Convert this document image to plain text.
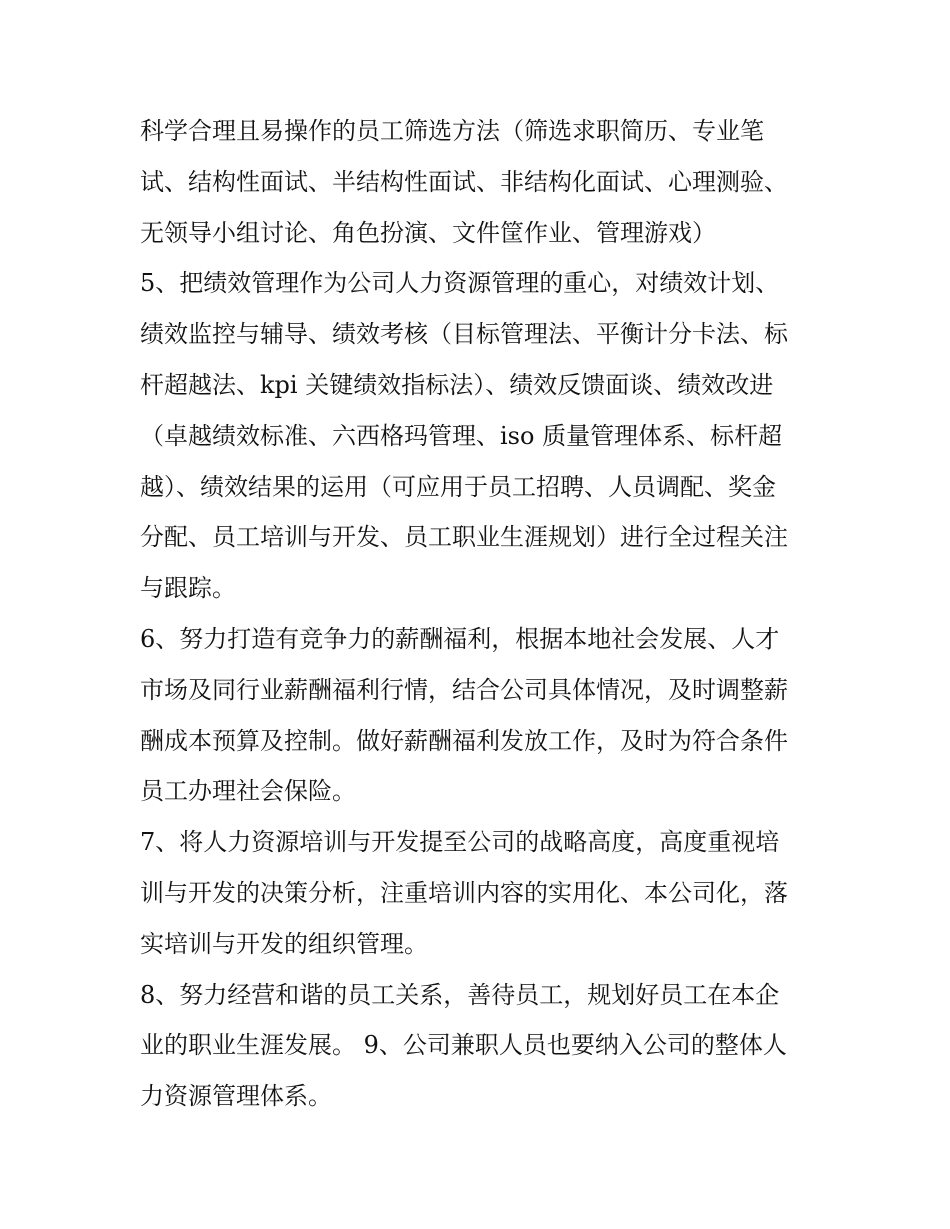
科学合理且易操作的员工筛选方法（筛选求职简历、专业笔
试、结构性面试、半结构性面试、非结构化面试、心理测验、
无领导小组讨论、角色扮演、文件筐作业、管理游戏）
5、把绩效管理作为公司人力资源管理的重心，对绩效计划、
绩效监控与辅导、绩效考核（目标管理法、平衡计分卡法、标
杆超越法、kpi 关键绩效指标法）、绩效反馈面谈、绩效改进
（卓越绩效标准、六西格玛管理、iso 质量管理体系、标杆超
越）、绩效结果的运用（可应用于员工招聘、人员调配、奖金
分配、员工培训与开发、员工职业生涯规划）进行全过程关注
与跟踪。
6、努力打造有竞争力的薪酬福利，根据本地社会发展、人才
市场及同行业薪酬福利行情，结合公司具体情况，及时调整薪
酬成本预算及控制。做好薪酬福利发放工作，及时为符合条件
员工办理社会保险。
7、将人力资源培训与开发提至公司的战略高度，高度重视培
训与开发的决策分析，注重培训内容的实用化、本公司化，落
实培训与开发的组织管理。
8、努力经营和谐的员工关系，善待员工，规划好员工在本企
业的职业生涯发展。 9、公司兼职人员也要纳入公司的整体人
力资源管理体系。
